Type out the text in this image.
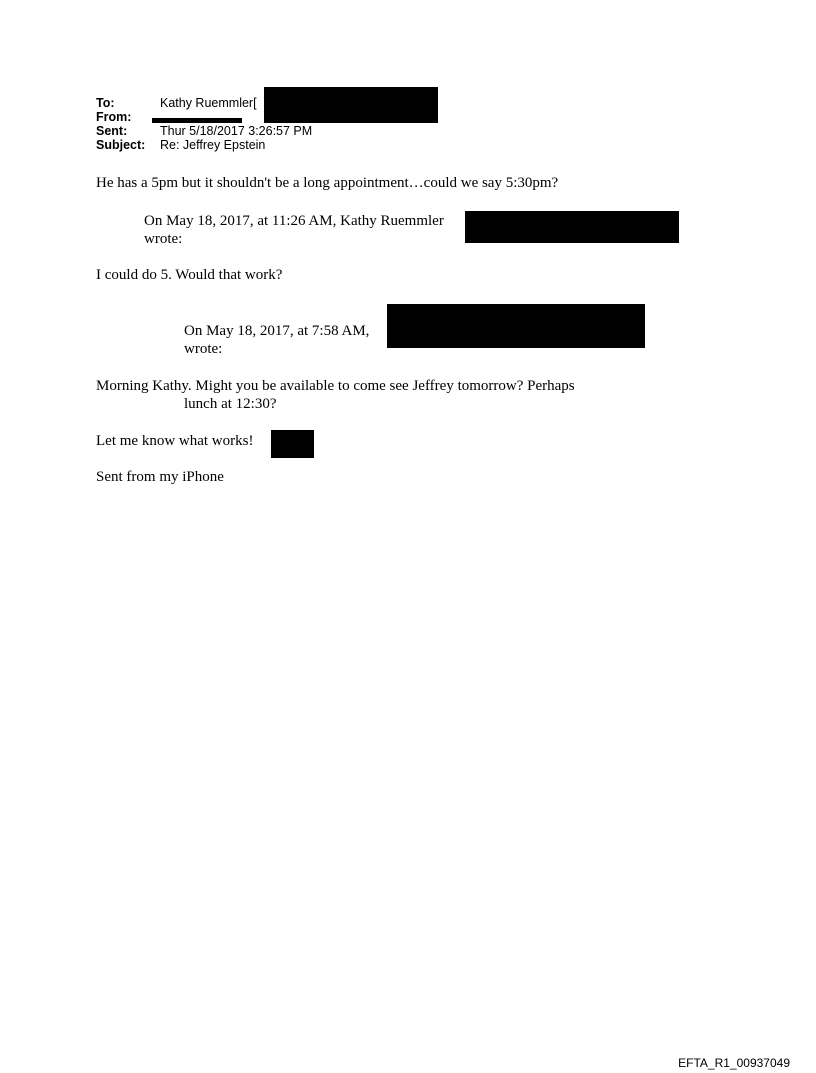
To:	Kathy Ruemmler[
From:
Sent:	Thur 5/18/2017 3:26:57 PM
Subject: Re: Jeffrey Epstein
He has a 5pm but it shouldn't be a long appointment…could we say 5:30pm?
On May 18, 2017, at 11:26 AM, Kathy Ruemmler
wrote:
I could do 5. Would that work?
On May 18, 2017, at 7:58 AM,
wrote:
Morning Kathy. Might you be available to come see Jeffrey tomorrow? Perhaps
lunch at 12:30?
Let me know what works!
Sent from my iPhone
EFTA_R1_00937049
